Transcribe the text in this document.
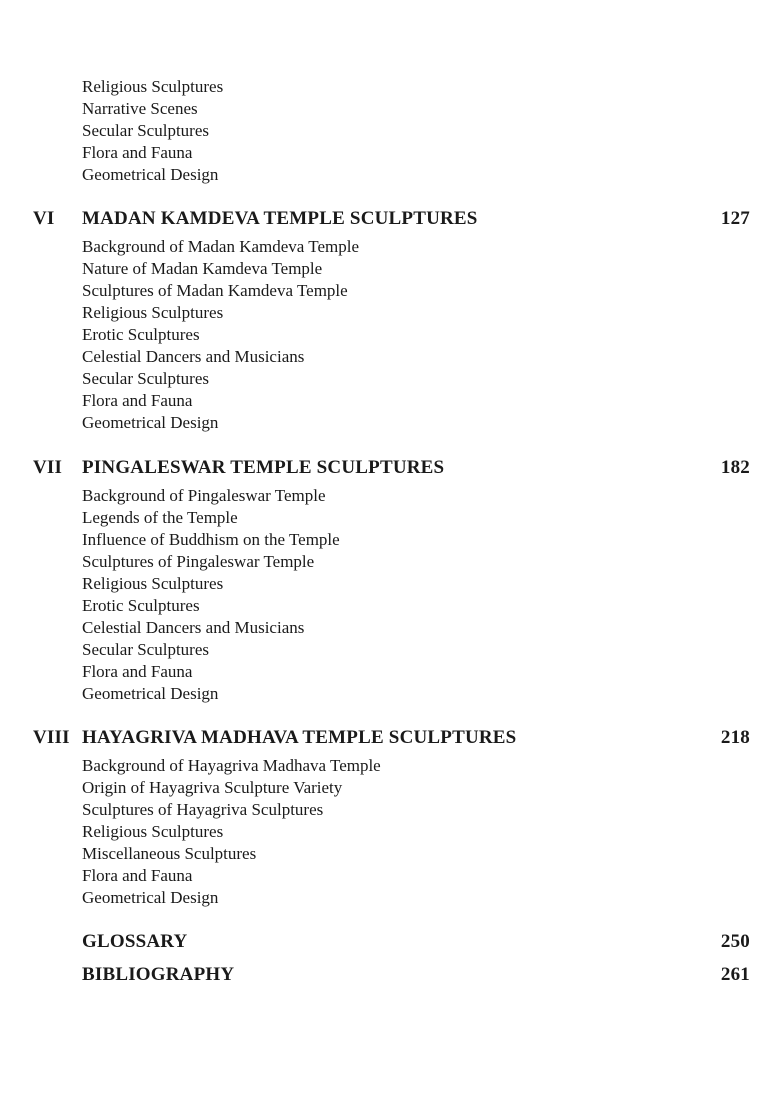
Religious Sculptures
Narrative Scenes
Secular Sculptures
Flora and Fauna
Geometrical Design
VI MADAN KAMDEVA TEMPLE SCULPTURES	127
Background of Madan Kamdeva Temple
Nature of Madan Kamdeva Temple
Sculptures of Madan Kamdeva Temple
Religious Sculptures
Erotic Sculptures
Celestial Dancers and Musicians
Secular Sculptures
Flora and Fauna
Geometrical Design
VII PINGALESWAR TEMPLE SCULPTURES	182
Background of Pingaleswar Temple
Legends of the Temple
Influence of Buddhism on the Temple
Sculptures of Pingaleswar Temple
Religious Sculptures
Erotic Sculptures
Celestial Dancers and Musicians
Secular Sculptures
Flora and Fauna
Geometrical Design
VIII HAYAGRIVA MADHAVA TEMPLE SCULPTURES	218
Background of Hayagriva Madhava Temple
Origin of Hayagriva Sculpture Variety
Sculptures of Hayagriva Sculptures
Religious Sculptures
Miscellaneous Sculptures
Flora and Fauna
Geometrical Design
GLOSSARY	250
BIBLIOGRAPHY	261
